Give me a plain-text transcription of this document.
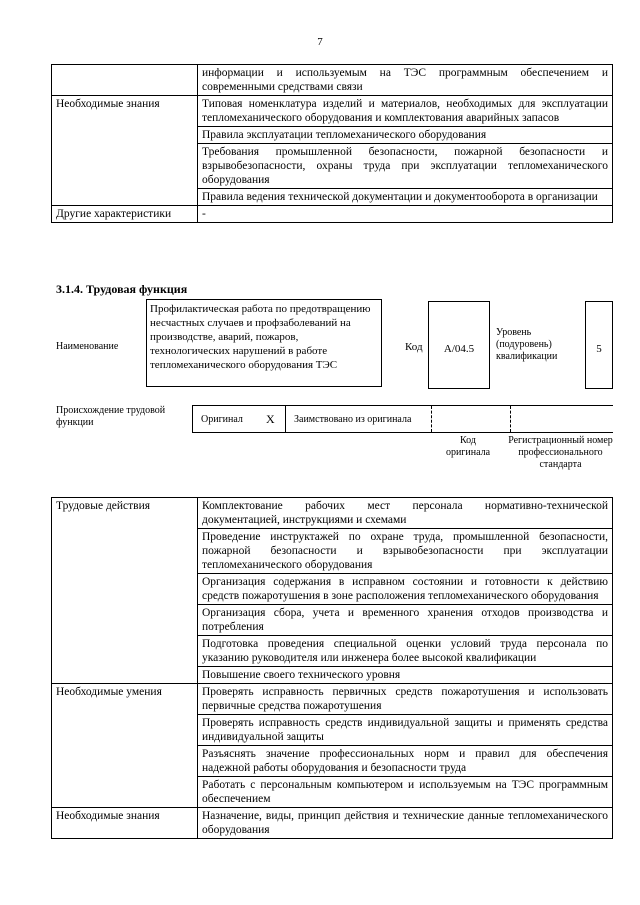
7
	информации и используемым на ТЭС программным обеспечением и современными средствами связи
Необходимые знания	Типовая номенклатура изделий и материалов, необходимых для эксплуатации тепломеханического оборудования и комплектования аварийных запасов
	Правила эксплуатации тепломеханического оборудования
	Требования промышленной безопасности, пожарной безопасности и взрывобезопасности, охраны труда при эксплуатации тепломеханического оборудования
	Правила ведения технической документации и документооборота в организации
Другие характеристики	-
3.1.4. Трудовая функция
Наименование
Профилактическая работа по предотвращению несчастных случаев и профзаболеваний на производстве, аварий, пожаров, технологических нарушений в работе тепломеханического оборудования ТЭС
Код	А/04.5
Уровень (подуровень) квалификации
5
Происхождение трудовой функции	Оригинал X Заимствовано из оригинала
Код оригинала
Регистрационный номер профессионального стандарта
Трудовые действия	Комплектование рабочих мест персонала нормативно-технической документацией, инструкциями и схемами
	Проведение инструктажей по охране труда, промышленной безопасности, пожарной безопасности и взрывобезопасности при эксплуатации тепломеханического оборудования
	Организация содержания в исправном состоянии и готовности к действию средств пожаротушения в зоне расположения тепломеханического оборудования
	Организация сбора, учета и временного хранения отходов производства и потребления
	Подготовка проведения специальной оценки условий труда персонала по указанию руководителя или инженера более высокой квалификации
	Повышение своего технического уровня
Необходимые умения	Проверять исправность первичных средств пожаротушения и использовать первичные средства пожаротушения
	Проверять исправность средств индивидуальной защиты и применять средства индивидуальной защиты
	Разъяснять значение профессиональных норм и правил для обеспечения надежной работы оборудования и безопасности труда
	Работать с персональным компьютером и используемым на ТЭС программным обеспечением
Необходимые знания	Назначение, виды, принцип действия и технические данные тепломеханического оборудования
